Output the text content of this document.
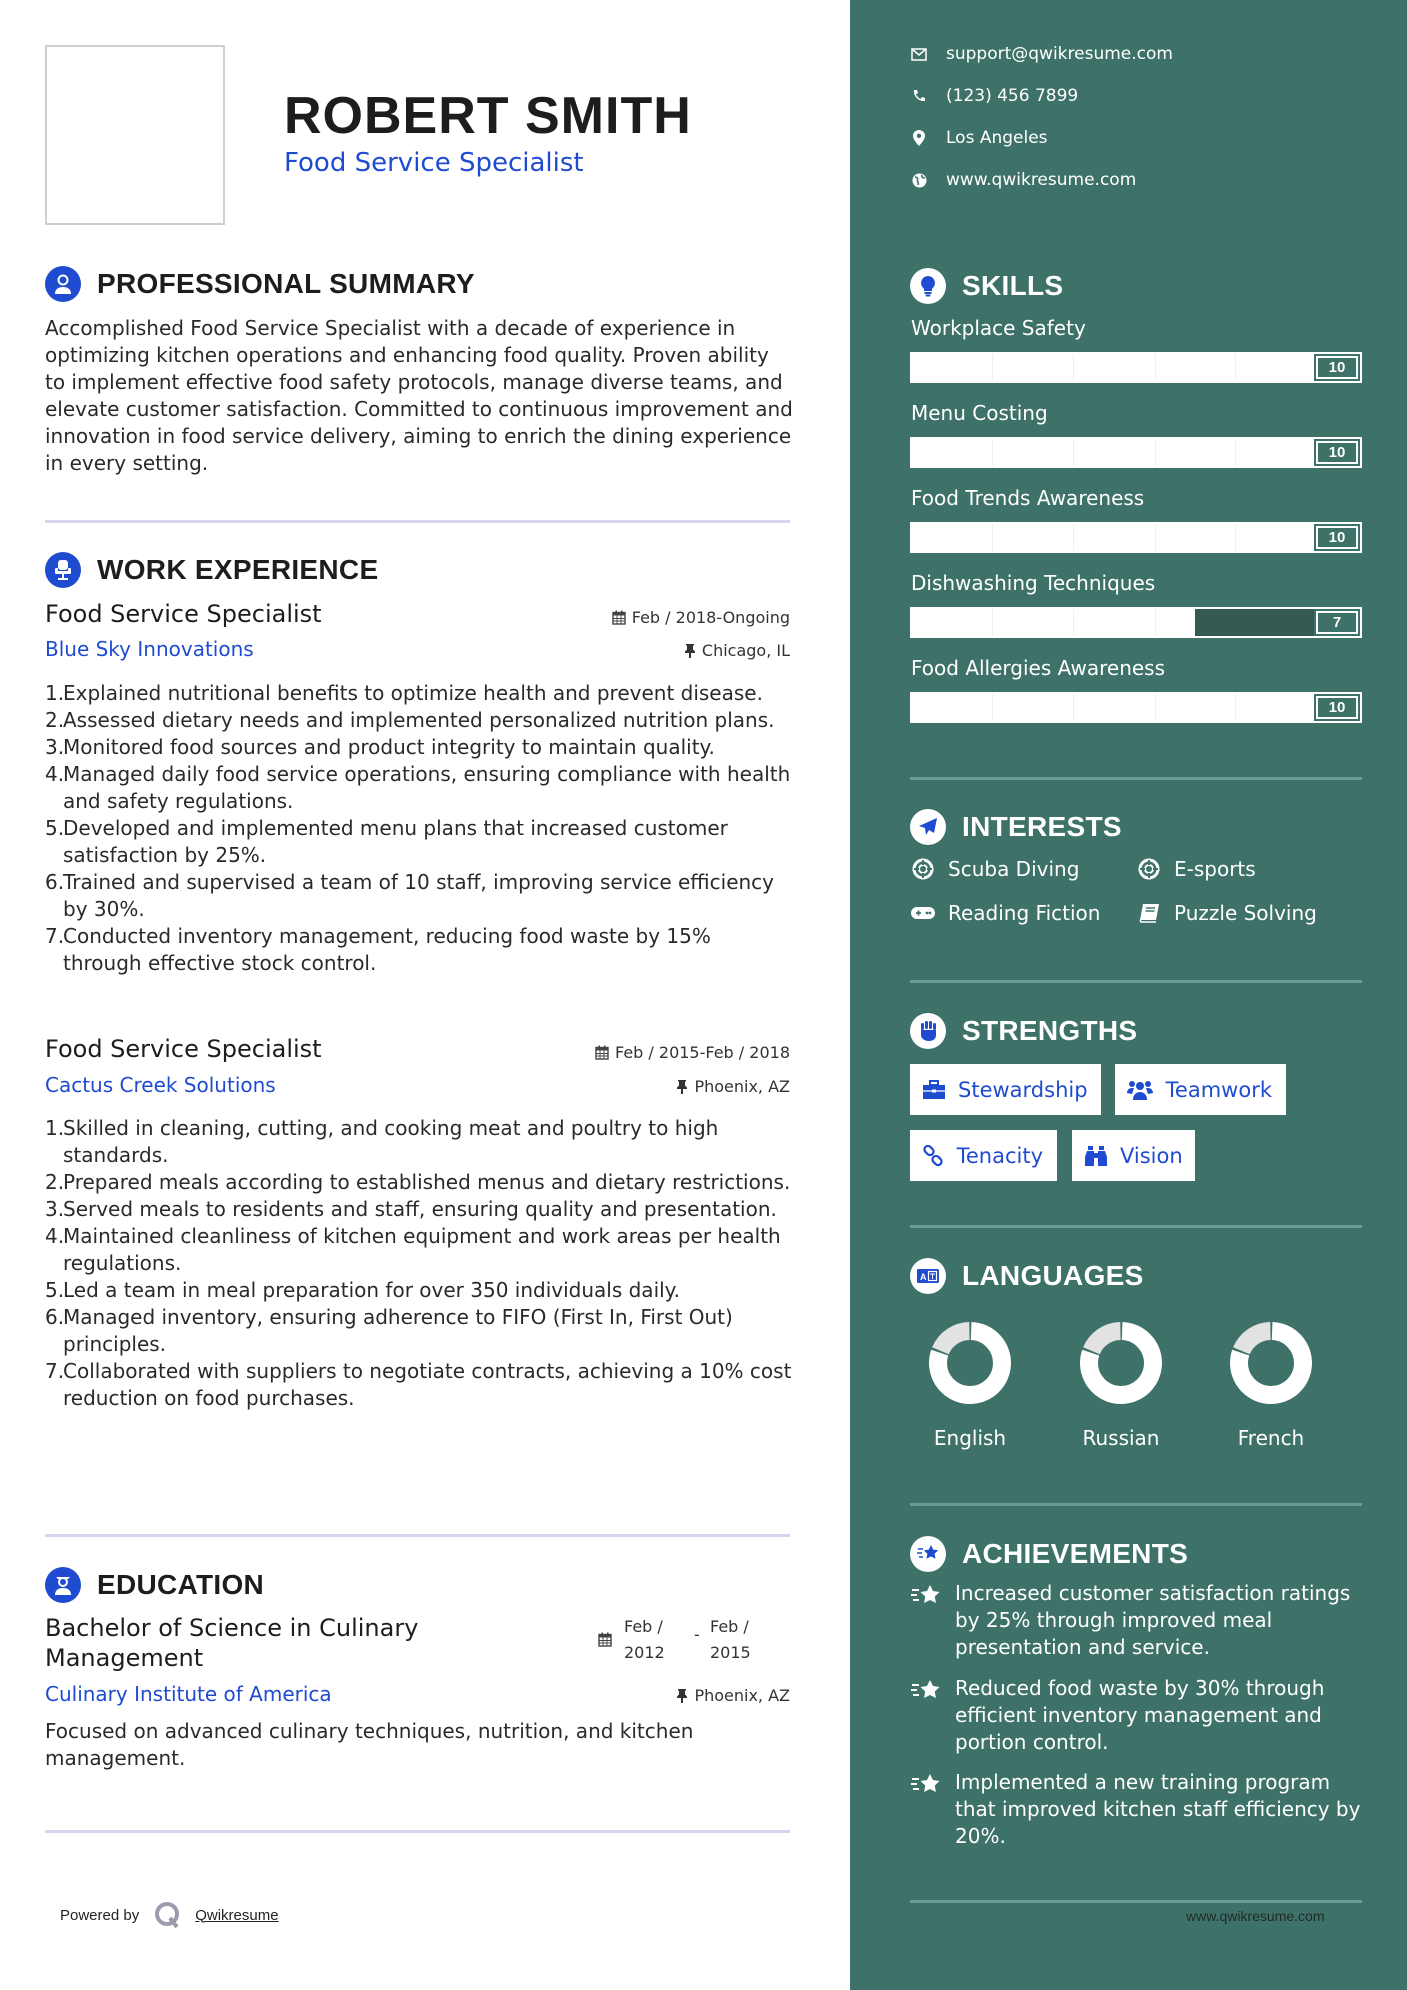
ROBERT SMITH
Food Service Specialist
PROFESSIONAL SUMMARY
Accomplished Food Service Specialist with a decade of experience in optimizing kitchen operations and enhancing food quality. Proven ability to implement effective food safety protocols, manage diverse teams, and elevate customer satisfaction. Committed to continuous improvement and innovation in food service delivery, aiming to enrich the dining experience in every setting.
WORK EXPERIENCE
Food Service Specialist	Feb / 2018-Ongoing
Blue Sky Innovations	Chicago, IL
1.
Explained nutritional benefits to optimize health and prevent disease.
2.
Assessed dietary needs and implemented personalized nutrition plans.
3.
Monitored food sources and product integrity to maintain quality.
4.
Managed daily food service operations, ensuring compliance with health and safety regulations.
5.
Developed and implemented menu plans that increased customer satisfaction by 25%.
6.
Trained and supervised a team of 10 staff, improving service efficiency by 30%.
7.
Conducted inventory management, reducing food waste by 15% through effective stock control.
Food Service Specialist	Feb / 2015-Feb / 2018
Cactus Creek Solutions	Phoenix, AZ
1.
Skilled in cleaning, cutting, and cooking meat and poultry to high standards.
2.
Prepared meals according to established menus and dietary restrictions.
3.
Served meals to residents and staff, ensuring quality and presentation.
4.
Maintained cleanliness of kitchen equipment and work areas per health regulations.
5.
Led a team in meal preparation for over 350 individuals daily.
6.
Managed inventory, ensuring adherence to FIFO (First In, First Out) principles.
7.
Collaborated with suppliers to negotiate contracts, achieving a 10% cost reduction on food purchases.
EDUCATION
Bachelor of Science in Culinary Management
Feb /
2012
- Feb /
2015
Culinary Institute of America	Phoenix, AZ
Focused on advanced culinary techniques, nutrition, and kitchen management.
Powered by	Qwikresume
support@qwikresume.com
(123) 456 7899
Los Angeles
www.qwikresume.com
SKILLS
Workplace Safety
10
Menu Costing
10
Food Trends Awareness
10
Dishwashing Techniques
7
Food Allergies Awareness
10
INTERESTS
Scuba Diving	E-sports
Reading Fiction	Puzzle Solving
STRENGTHS
Stewardship	Teamwork
Tenacity	Vision
A LANGUAGES
English	Russian	French
ACHIEVEMENTS
Increased customer satisfaction ratings by 25% through improved meal presentation and service.
Reduced food waste by 30% through efficient inventory management and portion control.
Implemented a new training program that improved kitchen staff efficiency by 20%.
www.qwikresume.com
